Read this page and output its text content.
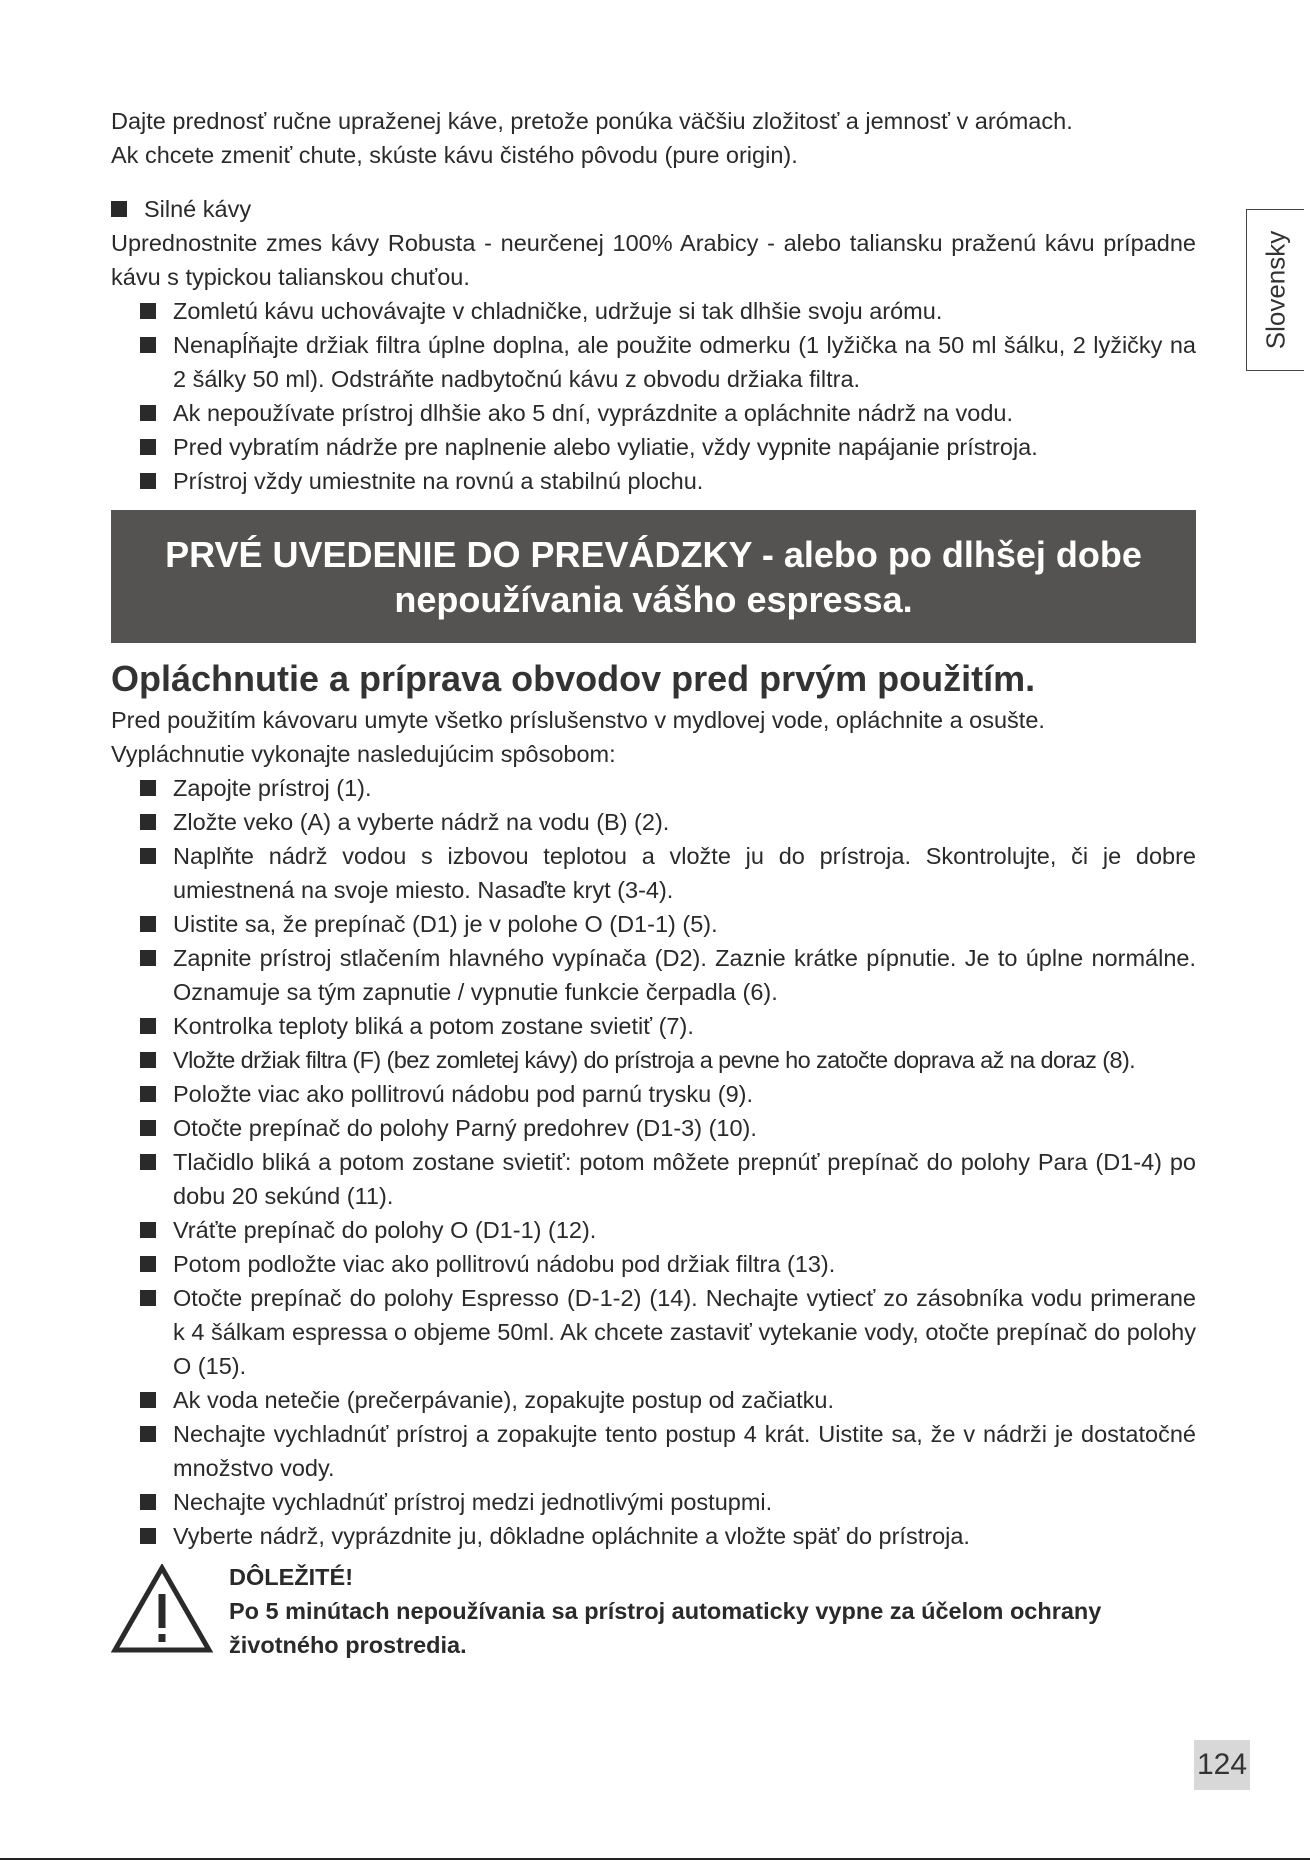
Dajte prednosť ručne upraženej káve, pretože ponúka väčšiu zložitosť a jemnosť v arómach.

Ak chcete zmeniť chute, skúste kávu čistého pôvodu (pure origin).

Silné kávy

Uprednostnite zmes kávy Robusta - neurčenej 100% Arabicy - alebo taliansku praženú kávu prípadne kávu s typickou talianskou chuťou.

Zomletú kávu uchovávajte v chladničke, udržuje si tak dlhšie svoju arómu.
Nenapĺňajte držiak filtra úplne doplna, ale použite odmerku (1 lyžička na 50 ml šálku, 2 lyžičky na 2 šálky 50 ml). Odstráňte nadbytočnú kávu z obvodu držiaka filtra.
Ak nepoužívate prístroj dlhšie ako 5 dní, vyprázdnite a opláchnite nádrž na vodu.
Pred vybratím nádrže pre naplnenie alebo vyliatie, vždy vypnite napájanie prístroja.
Prístroj vždy umiestnite na rovnú a stabilnú plochu.
PRVÉ UVEDENIE DO PREVÁDZKY - alebo po dlhšej dobe
nepoužívania vášho espressa.
Opláchnutie a príprava obvodov pred prvým použitím.

Pred použitím kávovaru umyte všetko príslušenstvo v mydlovej vode, opláchnite a osušte.

Vypláchnutie vykonajte nasledujúcim spôsobom:

Zapojte prístroj (1).
Zložte veko (A) a vyberte nádrž na vodu (B) (2).
Naplňte nádrž vodou s izbovou teplotou a vložte ju do prístroja. Skontrolujte, či je dobre umiestnená na svoje miesto. Nasaďte kryt (3-4).
Uistite sa, že prepínač (D1) je v polohe O (D1-1) (5).
Zapnite prístroj stlačením hlavného vypínača (D2). Zaznie krátke pípnutie. Je to úplne normálne. Oznamuje sa tým zapnutie / vypnutie funkcie čerpadla (6).
Kontrolka teploty bliká a potom zostane svietiť (7).
Vložte držiak filtra (F) (bez zomletej kávy) do prístroja a pevne ho zatočte doprava až na doraz (8).
Položte viac ako pollitrovú nádobu pod parnú trysku (9).
Otočte prepínač do polohy Parný predohrev (D1-3) (10).
Tlačidlo bliká a potom zostane svietiť: potom môžete prepnúť prepínač do polohy Para (D1-4) po dobu 20 sekúnd (11).
Vráťte prepínač do polohy O (D1-1) (12).
Potom podložte viac ako pollitrovú nádobu pod držiak filtra (13).
Otočte prepínač do polohy Espresso (D-1-2) (14). Nechajte vytiecť zo zásobníka vodu primerane k 4 šálkam espressa o objeme 50ml. Ak chcete zastaviť vytekanie vody, otočte prepínač do polohy O (15).
Ak voda netečie (prečerpávanie), zopakujte postup od začiatku.
Nechajte vychladnúť prístroj a zopakujte tento postup 4 krát. Uistite sa, že v nádrži je dostatočné množstvo vody.
Nechajte vychladnúť prístroj medzi jednotlivými postupmi.
Vyberte nádrž, vyprázdnite ju, dôkladne opláchnite a vložte späť do prístroja.
DÔLEŽITÉ!
Po 5 minútach nepoužívania sa prístroj automaticky vypne za účelom ochrany životného prostredia.
Slovensky
124
